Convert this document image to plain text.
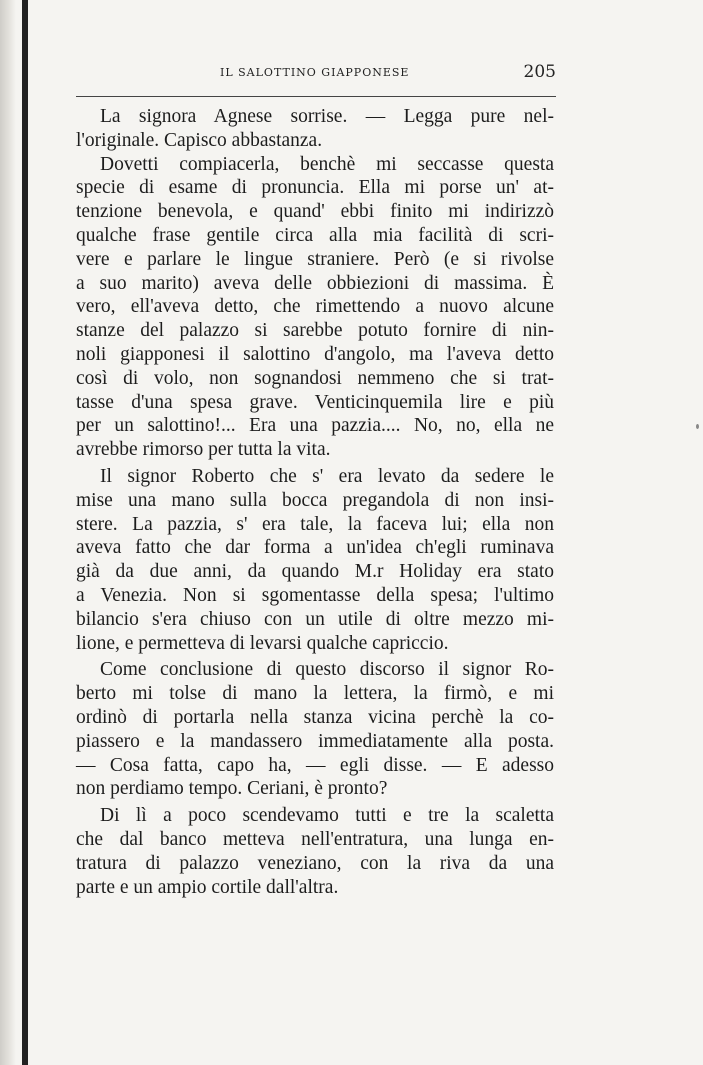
IL SALOTTINO GIAPPONESE	205
La signora Agnese sorrise. — Legga pure nel-
l'originale. Capisco abbastanza.
Dovetti compiacerla, benchè mi seccasse questa
specie di esame di pronuncia. Ella mi porse un' at-
tenzione benevola, e quand' ebbi finito mi indirizzò
qualche frase gentile circa alla mia facilità di scri-
vere e parlare le lingue straniere. Però (e si rivolse
a suo marito) aveva delle obbiezioni di massima. È
vero, ell'aveva detto, che rimettendo a nuovo alcune
stanze del palazzo si sarebbe potuto fornire di nin-
noli giapponesi il salottino d'angolo, ma l'aveva detto
così di volo, non sognandosi nemmeno che si trat-
tasse d'una spesa grave. Venticinquemila lire e più
per un salottino!... Era una pazzia.... No, no, ella ne
avrebbe rimorso per tutta la vita.
Il signor Roberto che s' era levato da sedere le
mise una mano sulla bocca pregandola di non insi-
stere. La pazzia, s' era tale, la faceva lui; ella non
aveva fatto che dar forma a un'idea ch'egli ruminava
già da due anni, da quando M.r Holiday era stato
a Venezia. Non si sgomentasse della spesa; l'ultimo
bilancio s'era chiuso con un utile di oltre mezzo mi-
lione, e permetteva di levarsi qualche capriccio.
Come conclusione di questo discorso il signor Ro-
berto mi tolse di mano la lettera, la firmò, e mi
ordinò di portarla nella stanza vicina perchè la co-
piassero e la mandassero immediatamente alla posta.
— Cosa fatta, capo ha, — egli disse. — E adesso
non perdiamo tempo. Ceriani, è pronto?
Di lì a poco scendevamo tutti e tre la scaletta
che dal banco metteva nell'entratura, una lunga en-
tratura di palazzo veneziano, con la riva da una
parte e un ampio cortile dall'altra.
